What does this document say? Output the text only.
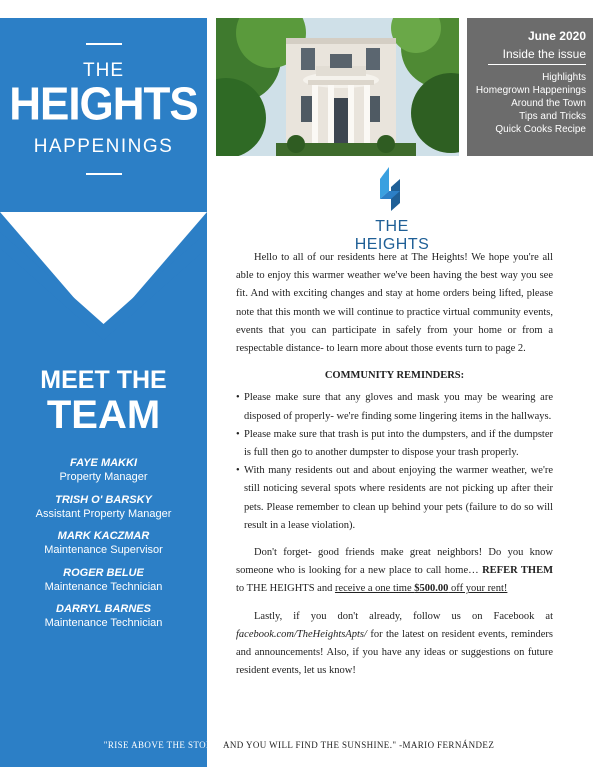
THE
HEIGHTS
HAPPENINGS
MEET THE
TEAM
FAYE MAKKI
Property Manager
TRISH O' BARSKY
Assistant Property Manager
MARK KACZMAR
Maintenance Supervisor
ROGER BELUE
Maintenance Technician
DARRYL BARNES
Maintenance Technician
June 2020
Inside the issue
Highlights
Homegrown Happenings
Around the Town
Tips and Tricks
Quick Cooks Recipe
THE HEIGHTS

Hello to all of our residents here at The Heights! We hope you're all able to enjoy this warmer weather we've been having the best way you see fit. And with exciting changes and stay at home orders being lifted, please note that this month we will continue to practice virtual community events, events that you can participate in safely from your home or from a respectable distance- to learn more about those events turn to page 2.

COMMUNITY REMINDERS:

• Please make sure that any gloves and mask you may be wearing are disposed of properly- we're finding some lingering items in the hallways.
• Please make sure that trash is put into the dumpsters, and if the dumpster is full then go to another dumpster to dispose your trash properly.
• With many residents out and about enjoying the warmer weather, we're still noticing several spots where residents are not picking up after their pets. Please remember to clean up behind your pets (failure to do so will result in a lease violation).

Don't forget- good friends make great neighbors! Do you know someone who is looking for a new place to call home… REFER THEM to THE HEIGHTS and receive a one time $500.00 off your rent!

Lastly, if you don't already, follow us on Facebook at facebook.com/TheHeightsApts/ for the latest on resident events, reminders and announcements! Also, if you have any ideas or suggestions on future resident events, let us know!

"RISE ABOVE THE STORM AND YOU WILL FIND THE SUNSHINE." -MARIO FERNÁNDEZ
